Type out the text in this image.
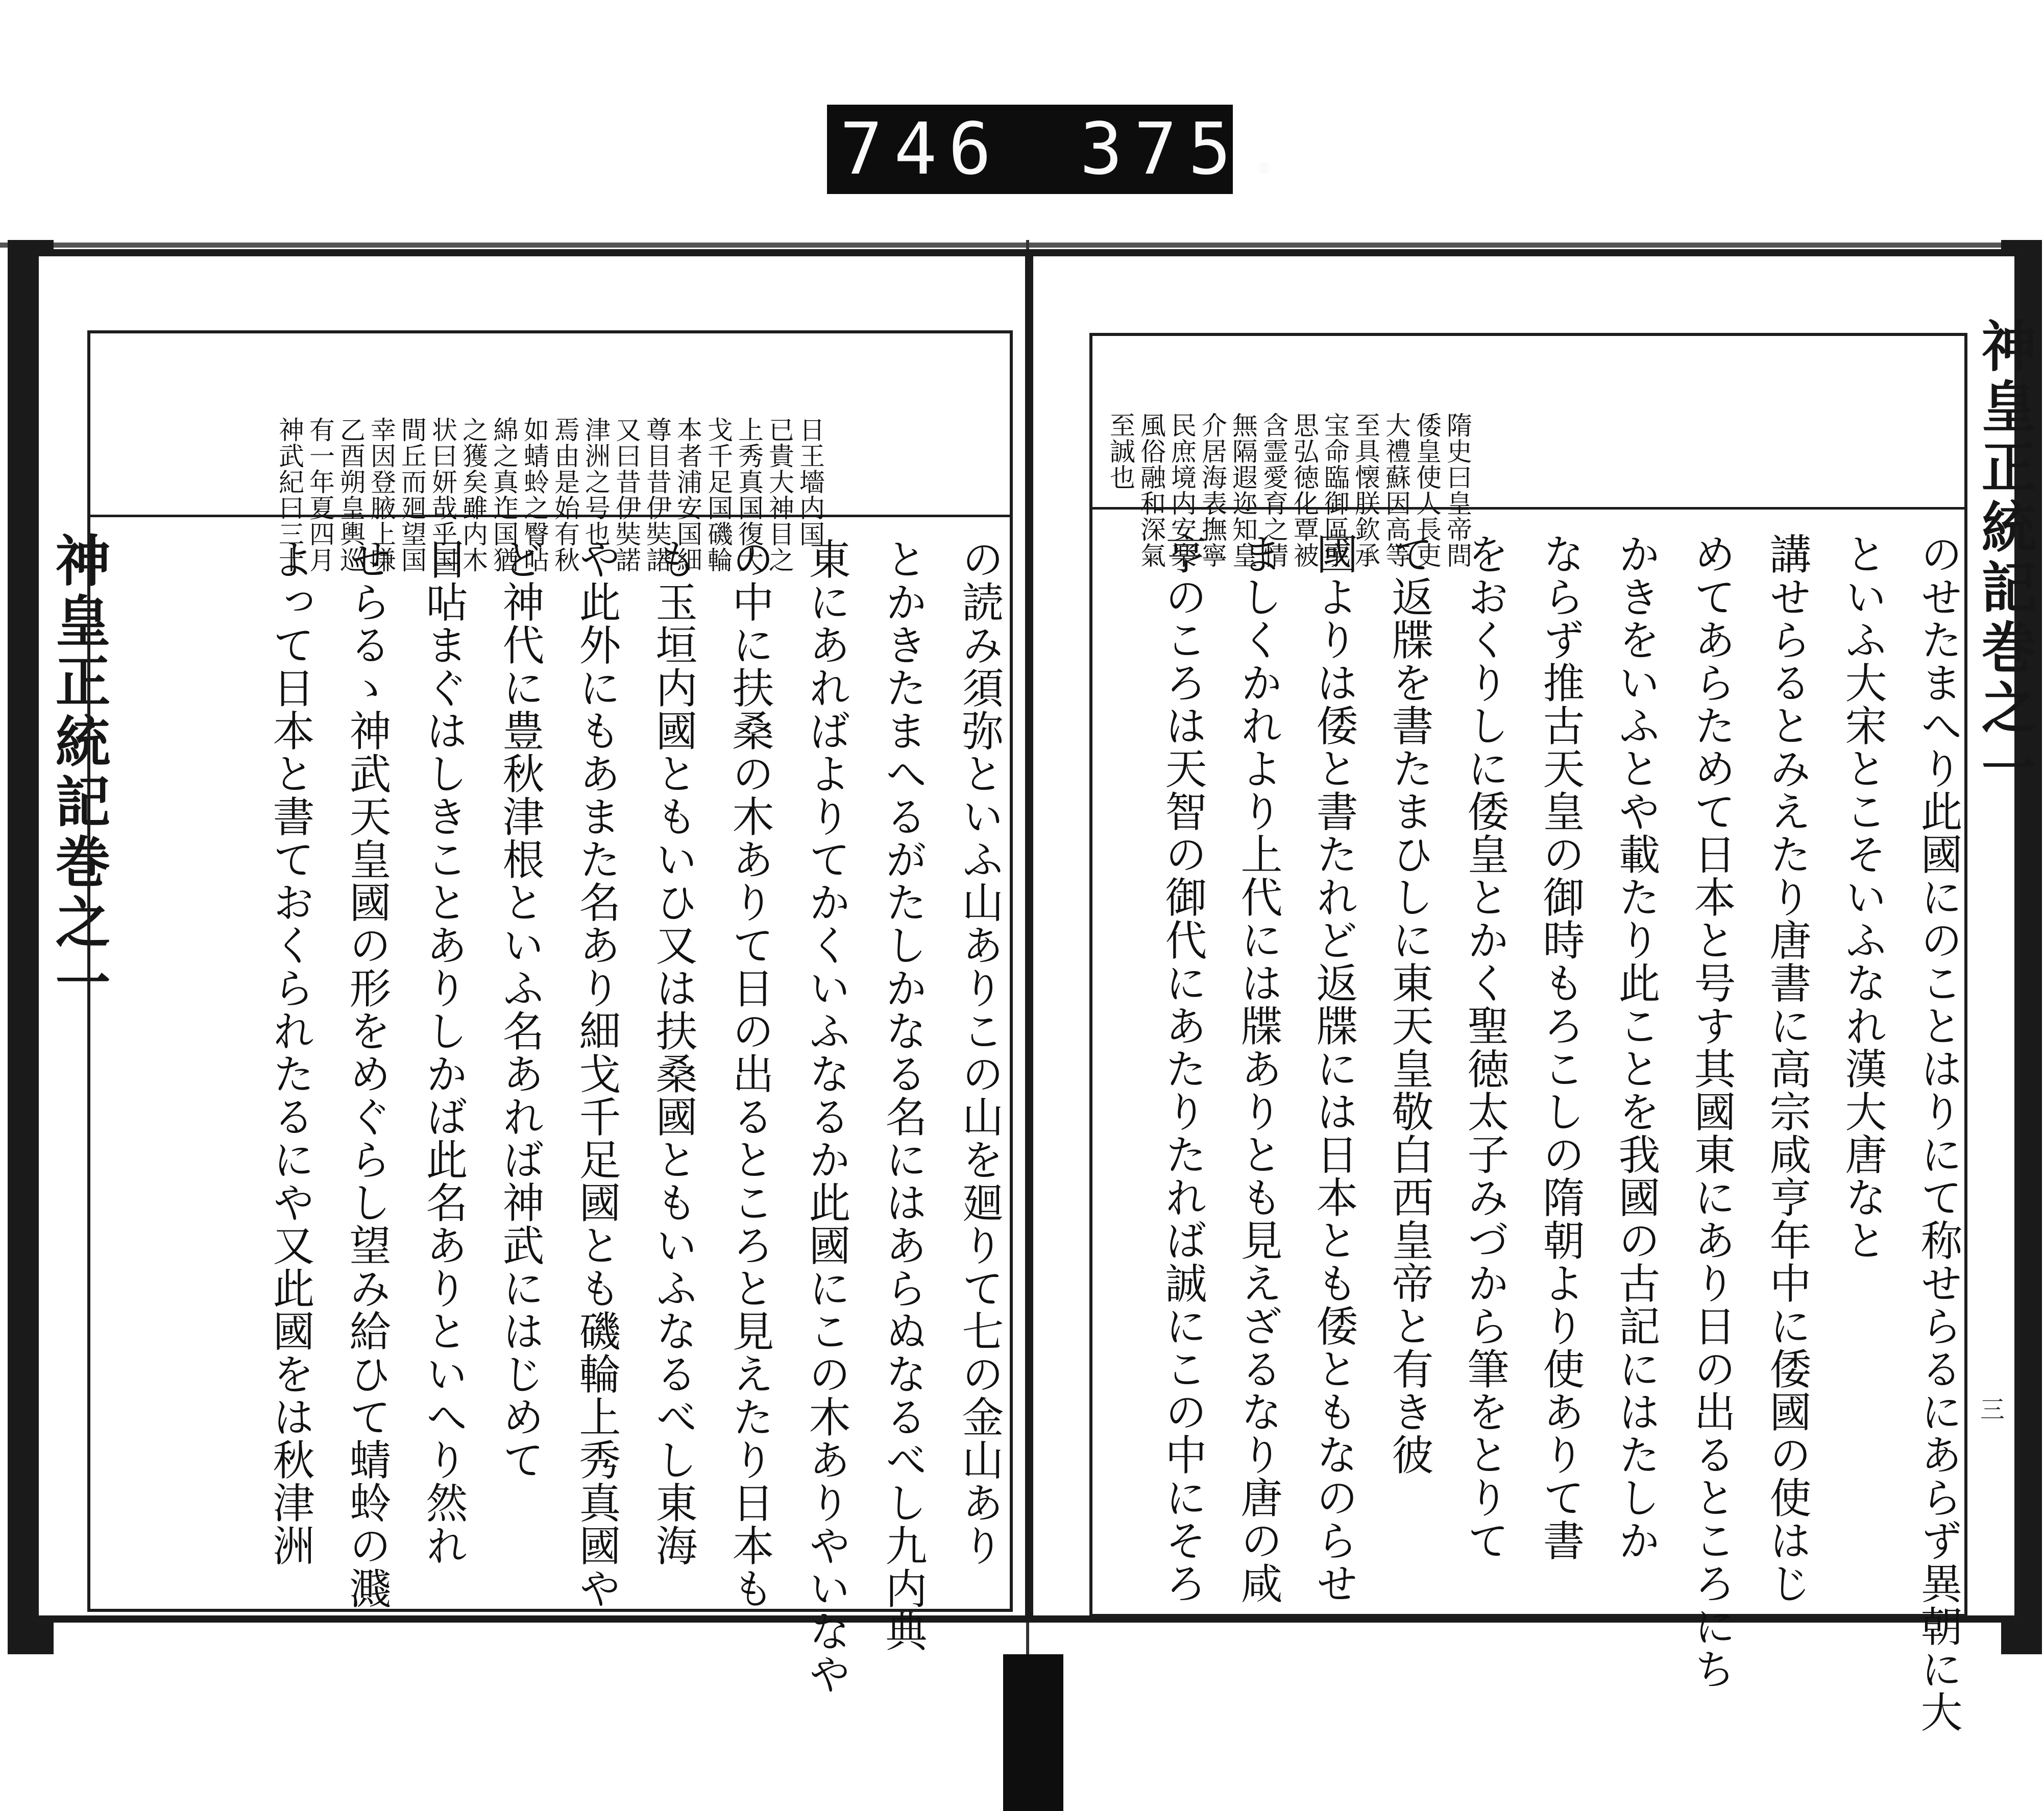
746 375.
神皇正統記巻之一

日王墻内国
已貴大神目之
上秀真国復大
戈千足国磯輪
本者浦安国細
尊目昔伊奘諾
又曰昔伊奘諾
津洲之号也
焉由是始有秋
如蜻蛉之臀呫
綿之真迮国猶
之獲矣雖内木
状曰妍哉乎国
間丘而廻望国
幸因登腋上嗛
乙酉朔皇輿巡
有一年夏四月
神武紀曰三十

の読み須弥といふ山ありこの山を廻りて七の金山あり
とかきたまへるがたしかなる名にはあらぬなるべし九内典
東にあればよりてかくいふなるか此國にこの木ありやいなや
の中に扶桑の木ありて日の出るところと見えたり日本も
も玉垣内國ともいひ又は扶桑國ともいふなるべし東海
や此外にもあまた名あり細戈千足國とも磯輪上秀真國や
ど神代に豊秋津根といふ名あれば神武にはじめて
目呫まぐはしきことありしかば此名ありといへり然れ
せらるゝ神武天皇國の形をめぐらし望み給ひて蜻蛉の濺
よって日本と書ておくられたるにや又此國をは秋津洲	神皇正統記巻之一
三

隋史曰皇帝問
倭皇使人長吏
大禮蘇因高等
至具懐朕欽承
宝命臨御區宇
思弘徳化覃被
含霊愛育之情
無隔遐迩知皇
介居海表撫寧
民庶境内安楽
風俗融和深氣
至誠也

のせたまへり此國にのことはりにて称せらるにあらず異朝に大
といふ大宋とこそいふなれ漢大唐なと
講せらるとみえたり唐書に高宗咸亨年中に倭國の使はじ
めてあらためて日本と号す其國東にあり日の出るところにち
かきをいふとや載たり此ことを我國の古記にはたしか
ならず推古天皇の御時もろこしの隋朝より使ありて書
をおくりしに倭皇とかく聖徳太子みづから筆をとりて
て返牒を書たまひしに東天皇敬白西皇帝と有き彼
國よりは倭と書たれど返牒には日本とも倭ともなのらせ
ましくかれより上代には牒ありとも見えざるなり唐の咸
亨のころは天智の御代にあたりたれば誠にこの中にそろ
